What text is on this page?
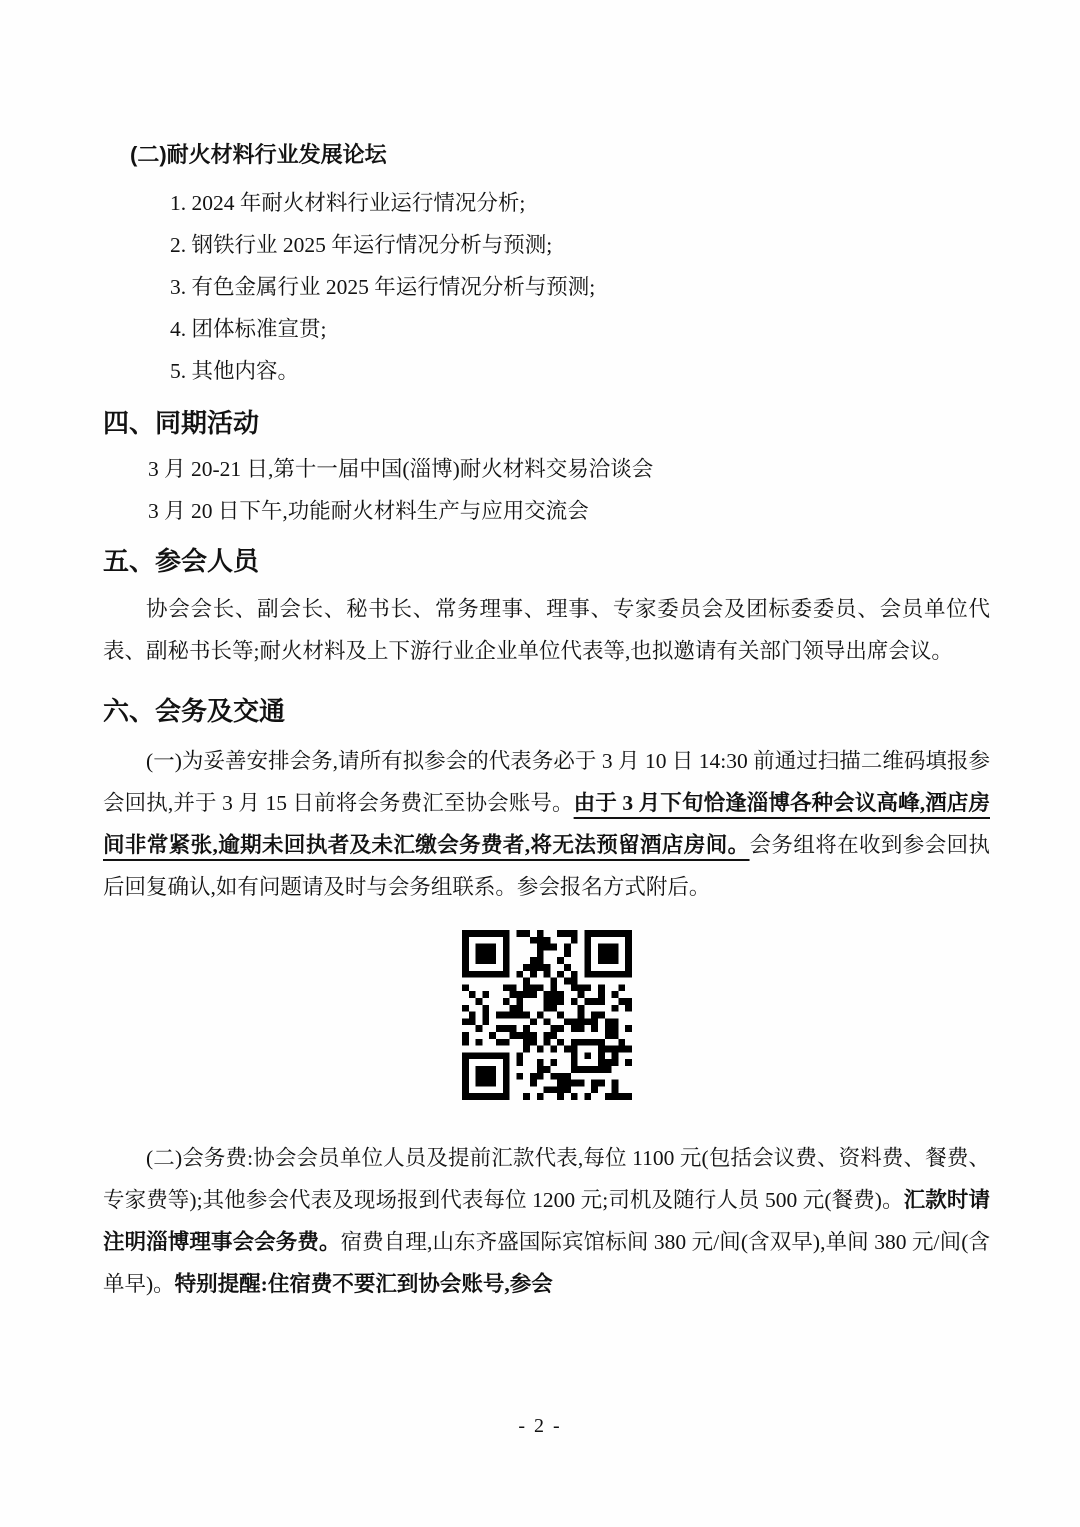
(二)耐火材料行业发展论坛
1. 2024 年耐火材料行业运行情况分析;
2. 钢铁行业 2025 年运行情况分析与预测;
3. 有色金属行业 2025 年运行情况分析与预测;
4. 团体标准宣贯;
5. 其他内容。
四、同期活动
3 月 20-21 日,第十一届中国(淄博)耐火材料交易洽谈会
3 月 20 日下午,功能耐火材料生产与应用交流会
五、参会人员

协会会长、副会长、秘书长、常务理事、理事、专家委员会及团标委委员、会员单位代表、副秘书长等;耐火材料及上下游行业企业单位代表等,也拟邀请有关部门领导出席会议。

六、会务及交通

(一)为妥善安排会务,请所有拟参会的代表务必于 3 月 10 日 14:30 前通过扫描二维码填报参会回执,并于 3 月 15 日前将会务费汇至协会账号。由于 3 月下旬恰逢淄博各种会议高峰,酒店房间非常紧张,逾期未回执者及未汇缴会务费者,将无法预留酒店房间。会务组将在收到参会回执后回复确认,如有问题请及时与会务组联系。参会报名方式附后。

(二)会务费:协会会员单位人员及提前汇款代表,每位 1100 元(包括会议费、资料费、餐费、专家费等);其他参会代表及现场报到代表每位 1200 元;司机及随行人员 500 元(餐费)。汇款时请注明淄博理事会会务费。宿费自理,山东齐盛国际宾馆标间 380 元/间(含双早),单间 380 元/间(含单早)。特别提醒:住宿费不要汇到协会账号,参会

- 2 -
